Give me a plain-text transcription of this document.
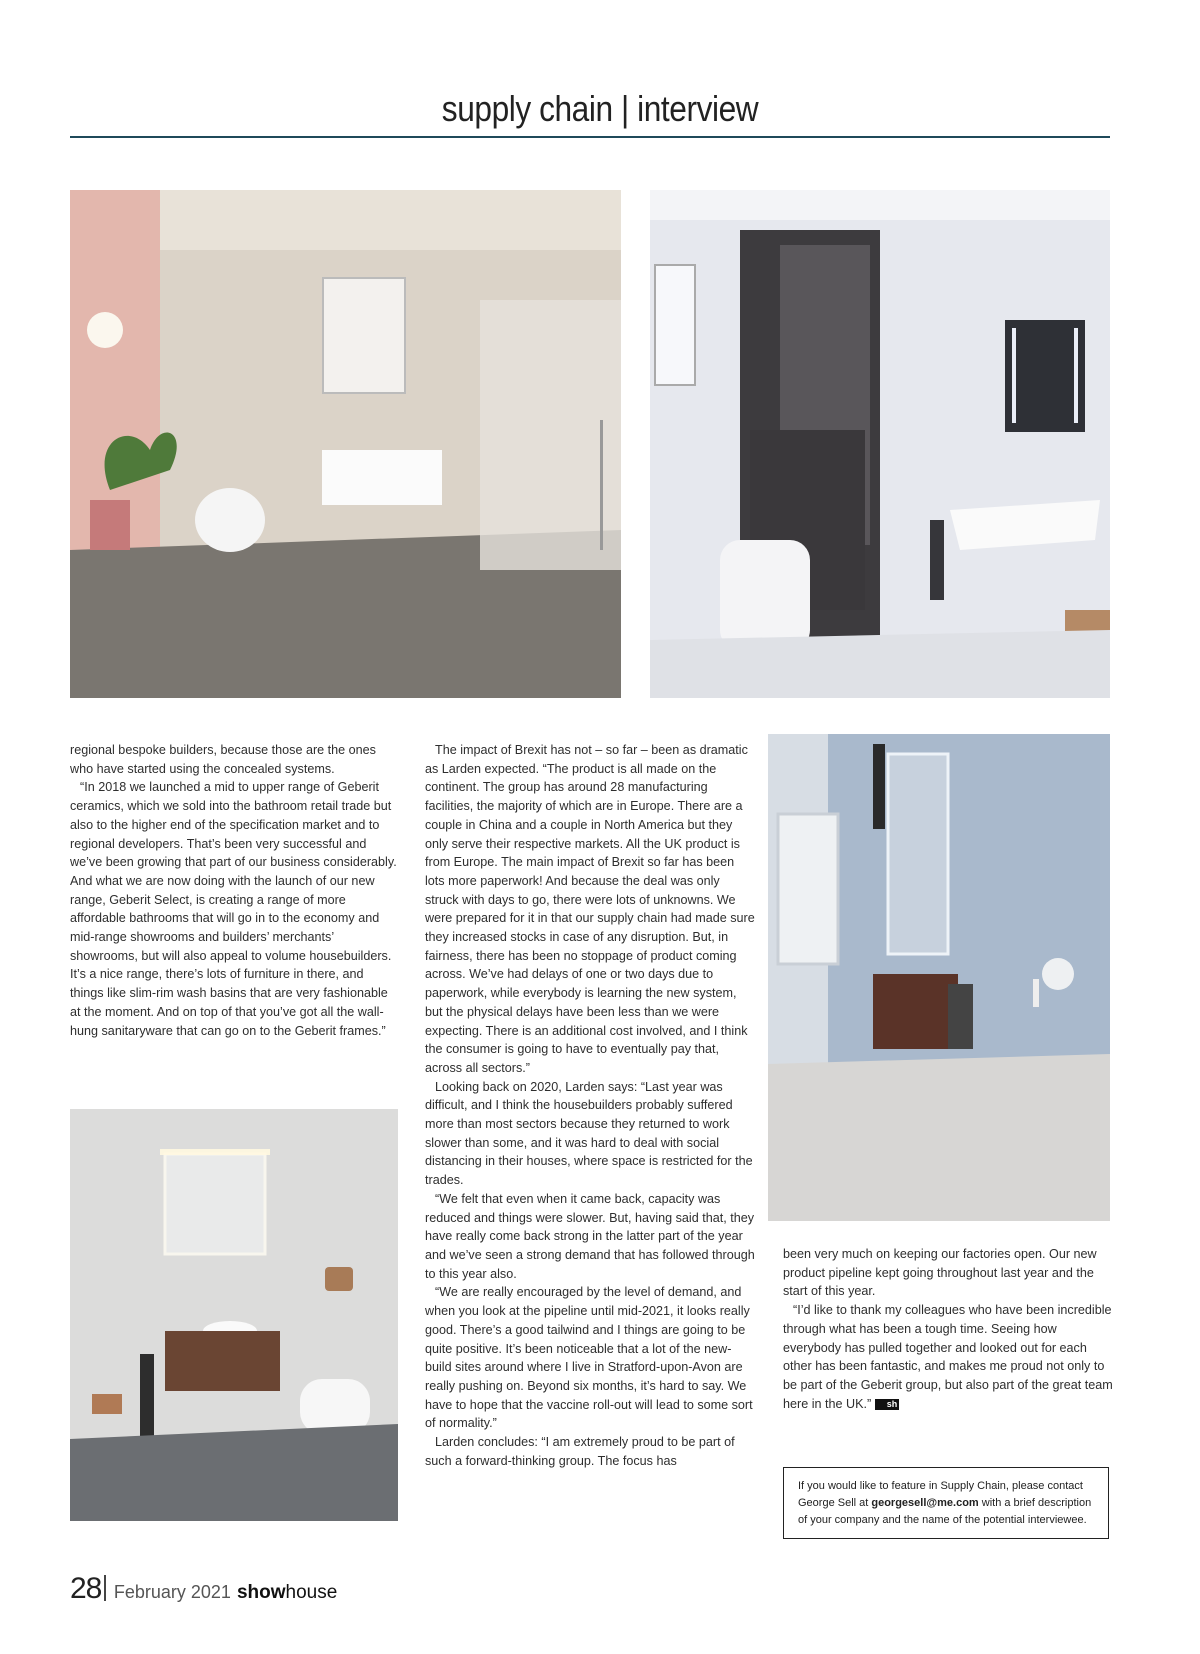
supply chain | interview

regional bespoke builders, because those are the ones who have started using the concealed systems.

“In 2018 we launched a mid to upper range of Geberit ceramics, which we sold into the bathroom retail trade but also to the higher end of the specification market and to regional developers. That’s been very successful and we’ve been growing that part of our business considerably. And what we are now doing with the launch of our new range, Geberit Select, is creating a range of more affordable bathrooms that will go in to the economy and mid-range showrooms and builders’ merchants’ showrooms, but will also appeal to volume housebuilders. It’s a nice range, there’s lots of furniture in there, and things like slim-rim wash basins that are very fashionable at the moment. And on top of that you’ve got all the wall-hung sanitaryware that can go on to the Geberit frames.”

The impact of Brexit has not – so far – been as dramatic as Larden expected. “The product is all made on the continent. The group has around 28 manufacturing facilities, the majority of which are in Europe. There are a couple in China and a couple in North America but they only serve their respective markets. All the UK product is from Europe. The main impact of Brexit so far has been lots more paperwork! And because the deal was only struck with days to go, there were lots of unknowns. We were prepared for it in that our supply chain had made sure they increased stocks in case of any disruption. But, in fairness, there has been no stoppage of product coming across. We’ve had delays of one or two days due to paperwork, while everybody is learning the new system, but the physical delays have been less than we were expecting. There is an additional cost involved, and I think the consumer is going to have to eventually pay that, across all sectors.”

Looking back on 2020, Larden says: “Last year was difficult, and I think the housebuilders probably suffered more than most sectors because they returned to work slower than some, and it was hard to deal with social distancing in their houses, where space is restricted for the trades.

“We felt that even when it came back, capacity was reduced and things were slower. But, having said that, they have really come back strong in the latter part of the year and we’ve seen a strong demand that has followed through to this year also.

“We are really encouraged by the level of demand, and when you look at the pipeline until mid-2021, it looks really good. There’s a good tailwind and I things are going to be quite positive. It’s been noticeable that a lot of the new-build sites around where I live in Stratford-upon-Avon are really pushing on. Beyond six months, it’s hard to say. We have to hope that the vaccine roll-out will lead to some sort of normality.”

Larden concludes: “I am extremely proud to be part of such a forward-thinking group. The focus has

been very much on keeping our factories open. Our new product pipeline kept going throughout last year and the start of this year.

“I’d like to thank my colleagues who have been incredible through what has been a tough time. Seeing how everybody has pulled together and looked out for each other has been fantastic, and makes me proud not only to be part of the Geberit group, but also part of the great team here in the UK.” sh

If you would like to feature in Supply Chain, please contact George Sell at georgesell@me.com with a brief description of your company and the name of the potential interviewee.
28 February 2021 showhouse
